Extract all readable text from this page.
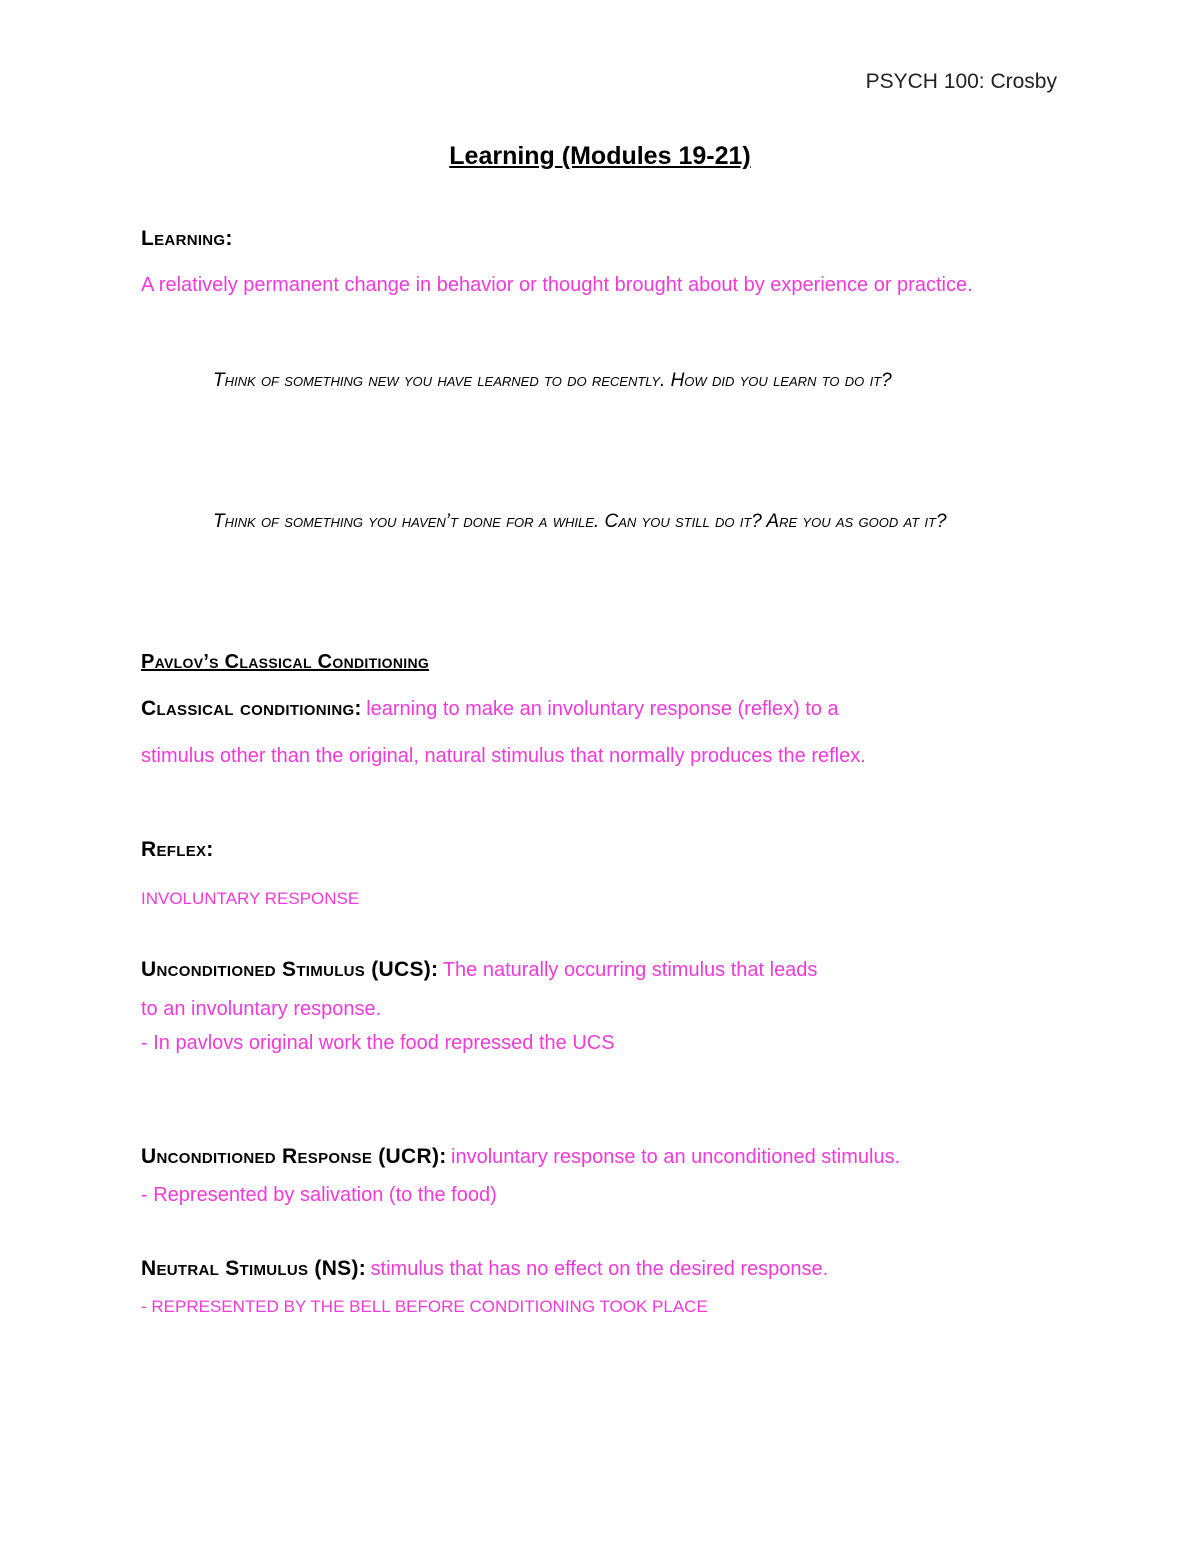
PSYCH 100: Crosby
Learning (Modules 19-21)
Learning:
A relatively permanent change in behavior or thought brought about by experience or practice.
Think of something new you have learned to do recently. How did you learn to do it?
Think of something you haven’t done for a while. Can you still do it? Are you as good at it?
Pavlov’s Classical Conditioning
Classical conditioning: learning to make an involuntary response (reflex) to a
stimulus other than the original, natural stimulus that normally produces the reflex.
Reflex:
INVOLUNTARY RESPONSE
Unconditioned Stimulus (UCS): The naturally occurring stimulus that leads
to an involuntary response.
- In pavlovs original work the food repressed the UCS
Unconditioned Response (UCR): involuntary response to an unconditioned stimulus.
- Represented by salivation (to the food)
Neutral Stimulus (NS): stimulus that has no effect on the desired response.
- REPRESENTED BY THE BELL BEFORE CONDITIONING TOOK PLACE
